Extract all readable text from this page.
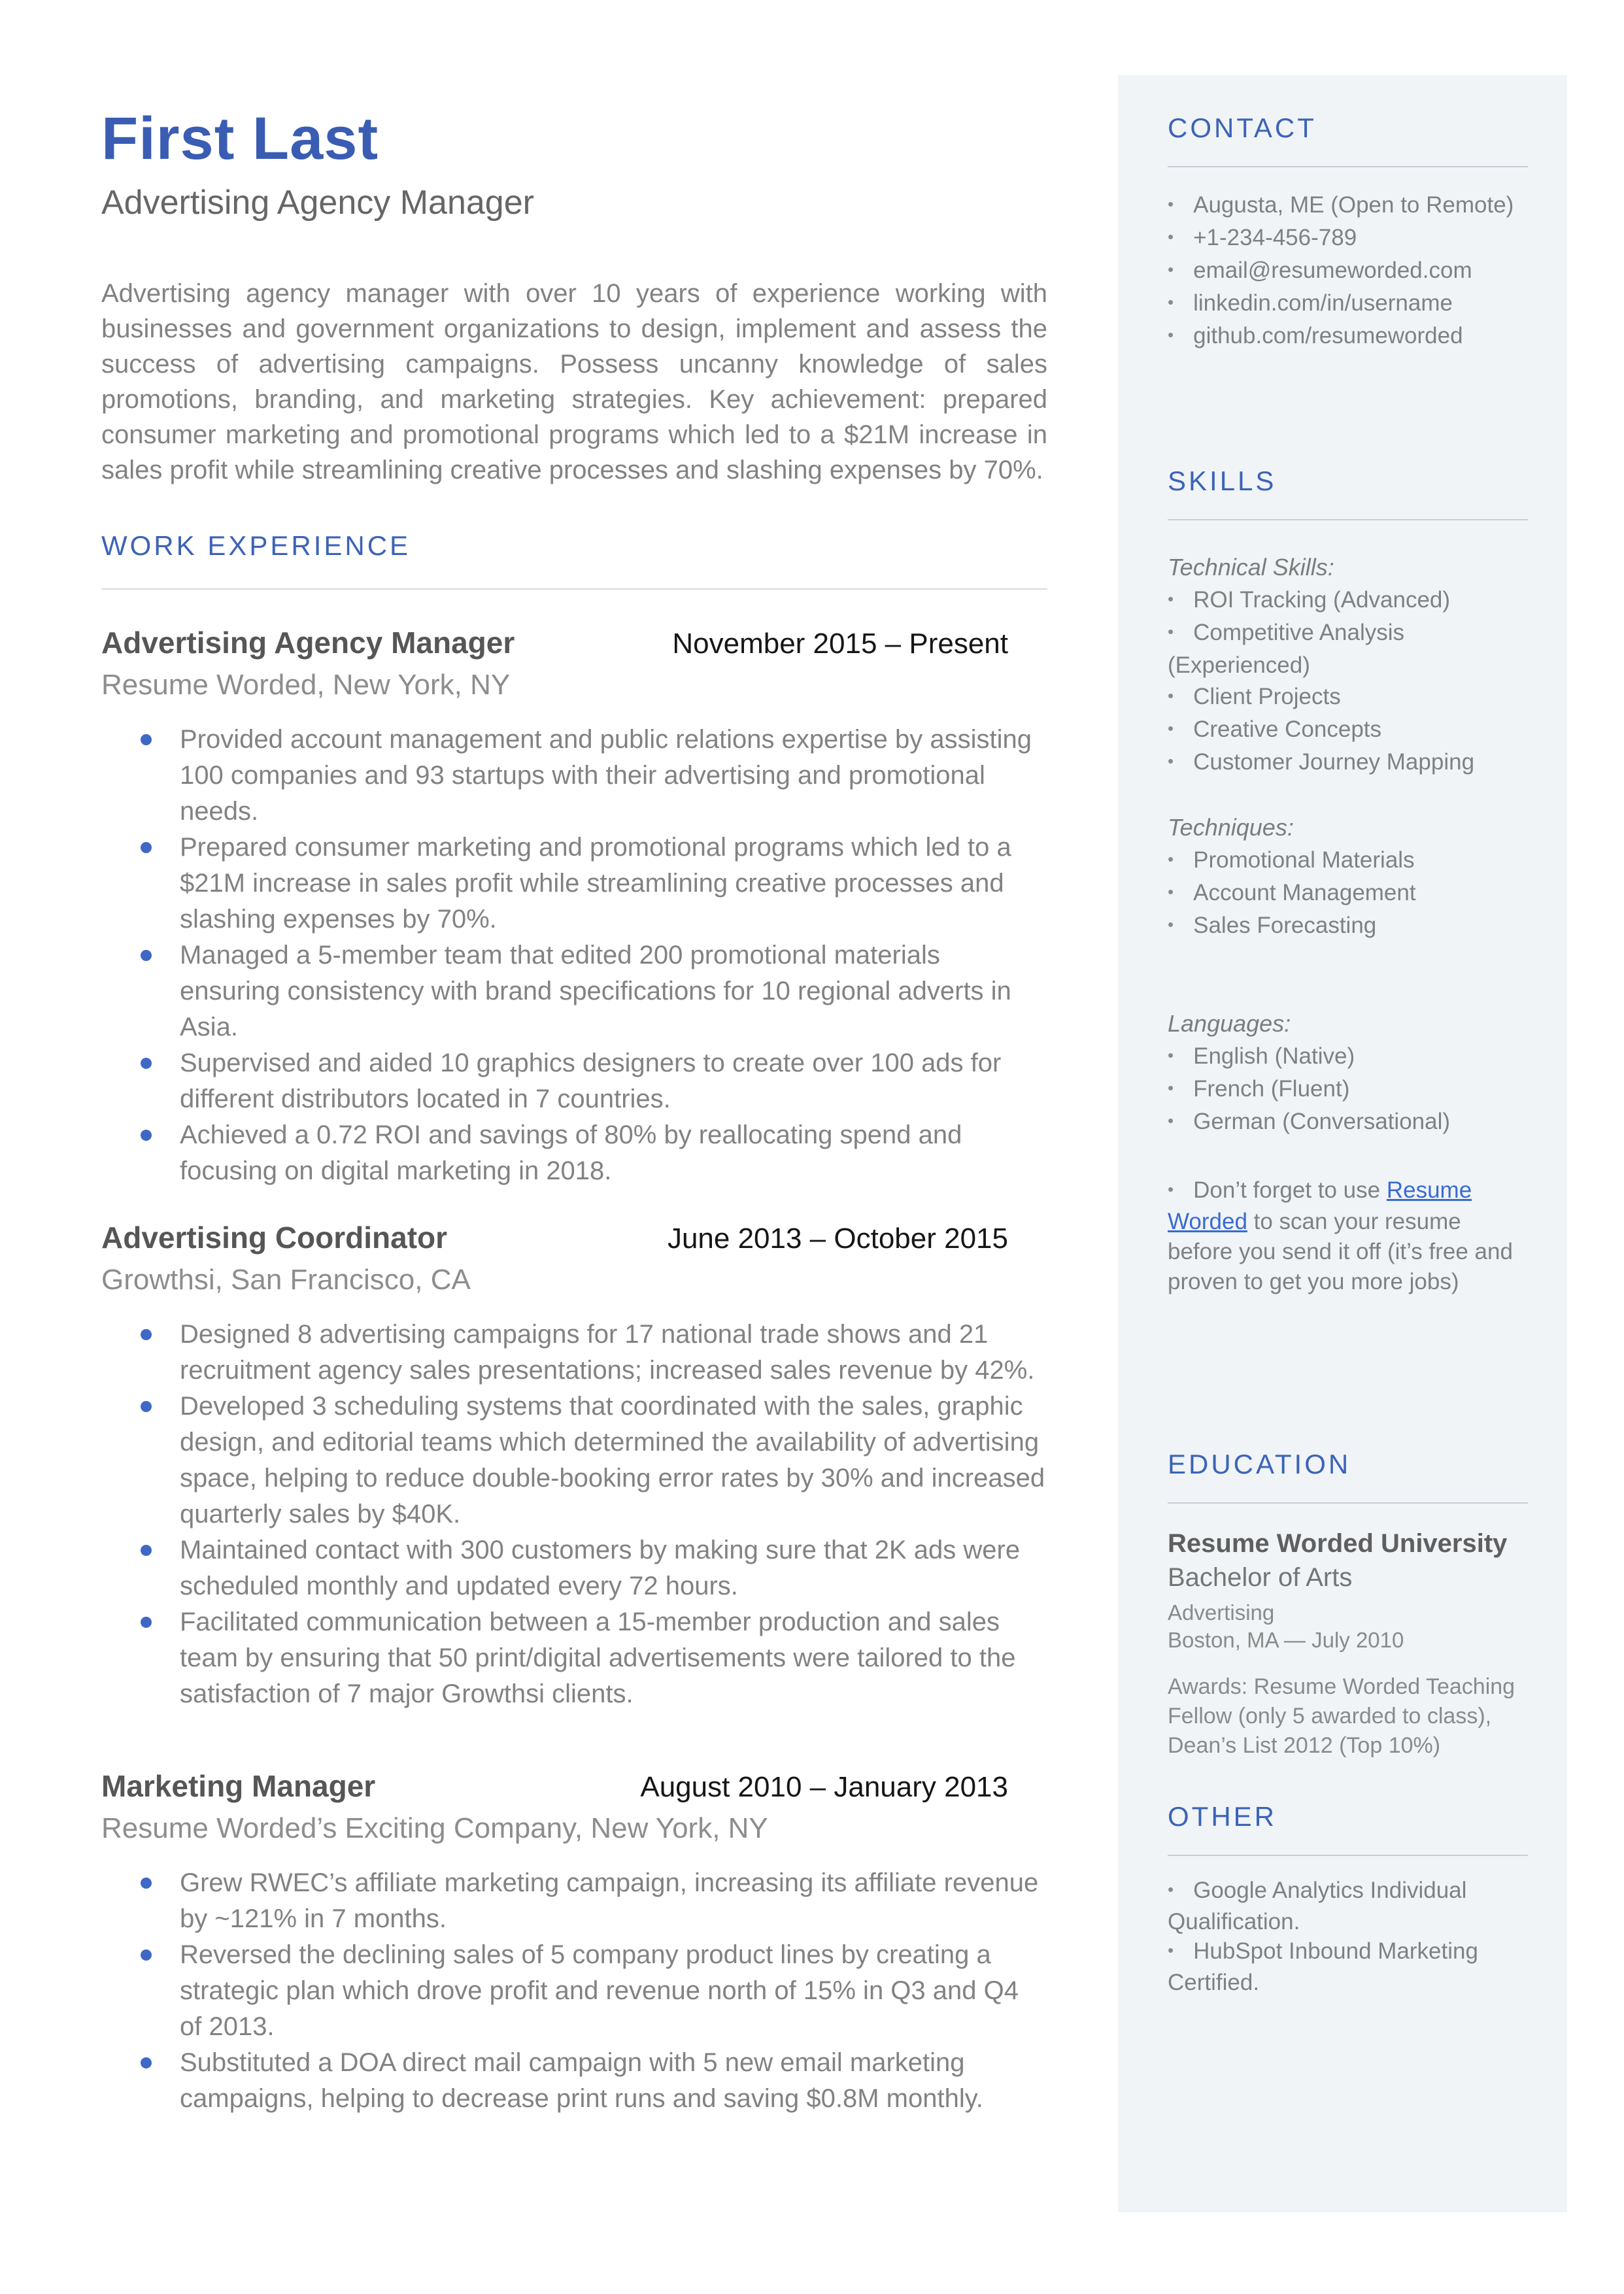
First Last
Advertising Agency Manager
Advertising agency manager with over 10 years of experience working with businesses and government organizations to design, implement and assess the success of advertising campaigns. Possess uncanny knowledge of sales promotions, branding, and marketing strategies. Key achievement: prepared consumer marketing and promotional programs which led to a $21M increase in sales profit while streamlining creative processes and slashing expenses by 70%.
WORK EXPERIENCE
Advertising Agency Manager	November 2015 – Present
Resume Worded, New York, NY
Provided account management and public relations expertise by assisting 100 companies and 93 startups with their advertising and promotional needs.
Prepared consumer marketing and promotional programs which led to a $21M increase in sales profit while streamlining creative processes and slashing expenses by 70%.
Managed a 5-member team that edited 200 promotional materials ensuring consistency with brand specifications for 10 regional adverts in Asia.
Supervised and aided 10 graphics designers to create over 100 ads for different distributors located in 7 countries.
Achieved a 0.72 ROI and savings of 80% by reallocating spend and focusing on digital marketing in 2018.
Advertising Coordinator	June 2013 – October 2015
Growthsi, San Francisco, CA
Designed 8 advertising campaigns for 17 national trade shows and 21 recruitment agency sales presentations; increased sales revenue by 42%.
Developed 3 scheduling systems that coordinated with the sales, graphic design, and editorial teams which determined the availability of advertising space, helping to reduce double-booking error rates by 30% and increased quarterly sales by $40K.
Maintained contact with 300 customers by making sure that 2K ads were scheduled monthly and updated every 72 hours.
Facilitated communication between a 15-member production and sales team by ensuring that 50 print/digital advertisements were tailored to the satisfaction of 7 major Growthsi clients.
Marketing Manager	August 2010 – January 2013
Resume Worded’s Exciting Company, New York, NY
Grew RWEC’s affiliate marketing campaign, increasing its affiliate revenue by ~121% in 7 months.
Reversed the declining sales of 5 company product lines by creating a strategic plan which drove profit and revenue north of 15% in Q3 and Q4 of 2013.
Substituted a DOA direct mail campaign with 5 new email marketing campaigns, helping to decrease print runs and saving $0.8M monthly.
CONTACT
• Augusta, ME (Open to Remote)
• +1-234-456-789
• email@resumeworded.com
• linkedin.com/in/username
• github.com/resumeworded
SKILLS
Technical Skills:
• ROI Tracking (Advanced)
• Competitive Analysis (Experienced)
• Client Projects
• Creative Concepts
• Customer Journey Mapping
Techniques:
• Promotional Materials
• Account Management
• Sales Forecasting
Languages:
• English (Native)
• French (Fluent)
• German (Conversational)
• Don’t forget to use Resume Worded to scan your resume before you send it off (it’s free and proven to get you more jobs)
EDUCATION
Resume Worded University
Bachelor of Arts
Advertising
Boston, MA — July 2010
Awards: Resume Worded Teaching Fellow (only 5 awarded to class), Dean’s List 2012 (Top 10%)
OTHER
• Google Analytics Individual Qualification.
• HubSpot Inbound Marketing Certified.
